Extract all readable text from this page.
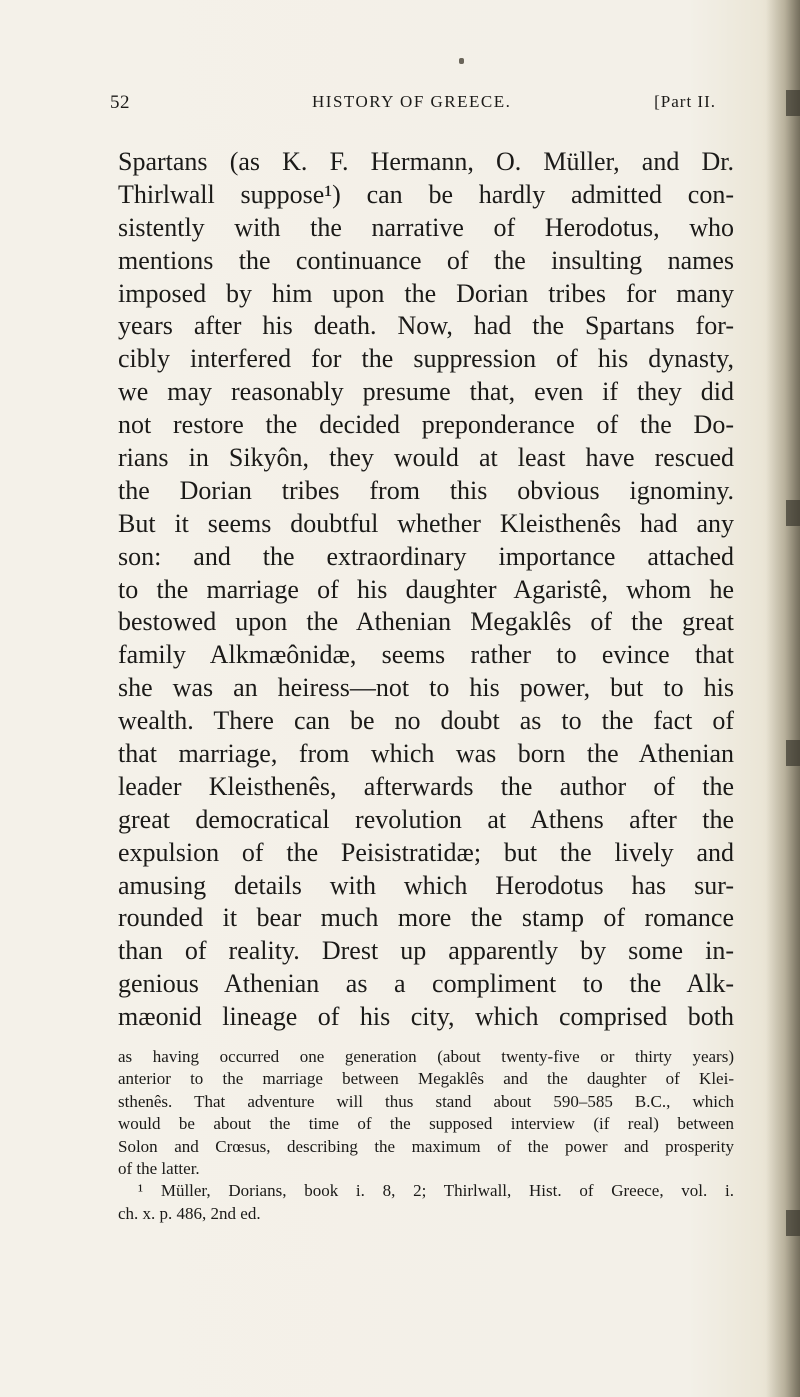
52	HISTORY OF GREECE.	[Part II.
Spartans (as K. F. Hermann, O. Müller, and Dr.
Thirlwall suppose¹) can be hardly admitted con-
sistently with the narrative of Herodotus, who
mentions the continuance of the insulting names
imposed by him upon the Dorian tribes for many
years after his death. Now, had the Spartans for-
cibly interfered for the suppression of his dynasty,
we may reasonably presume that, even if they did
not restore the decided preponderance of the Do-
rians in Sikyôn, they would at least have rescued
the Dorian tribes from this obvious ignominy.
But it seems doubtful whether Kleisthenês had any
son: and the extraordinary importance attached
to the marriage of his daughter Agaristê, whom he
bestowed upon the Athenian Megaklês of the great
family Alkmæônidæ, seems rather to evince that
she was an heiress—not to his power, but to his
wealth. There can be no doubt as to the fact of
that marriage, from which was born the Athenian
leader Kleisthenês, afterwards the author of the
great democratical revolution at Athens after the
expulsion of the Peisistratidæ; but the lively and
amusing details with which Herodotus has sur-
rounded it bear much more the stamp of romance
than of reality. Drest up apparently by some in-
genious Athenian as a compliment to the Alk-
mæonid lineage of his city, which comprised both
as having occurred one generation (about twenty-five or thirty years)
anterior to the marriage between Megaklês and the daughter of Klei-
sthenês. That adventure will thus stand about 590–585 B.C., which
would be about the time of the supposed interview (if real) between
Solon and Crœsus, describing the maximum of the power and prosperity
of the latter.
¹ Müller, Dorians, book i. 8, 2; Thirlwall, Hist. of Greece, vol. i.
ch. x. p. 486, 2nd ed.
